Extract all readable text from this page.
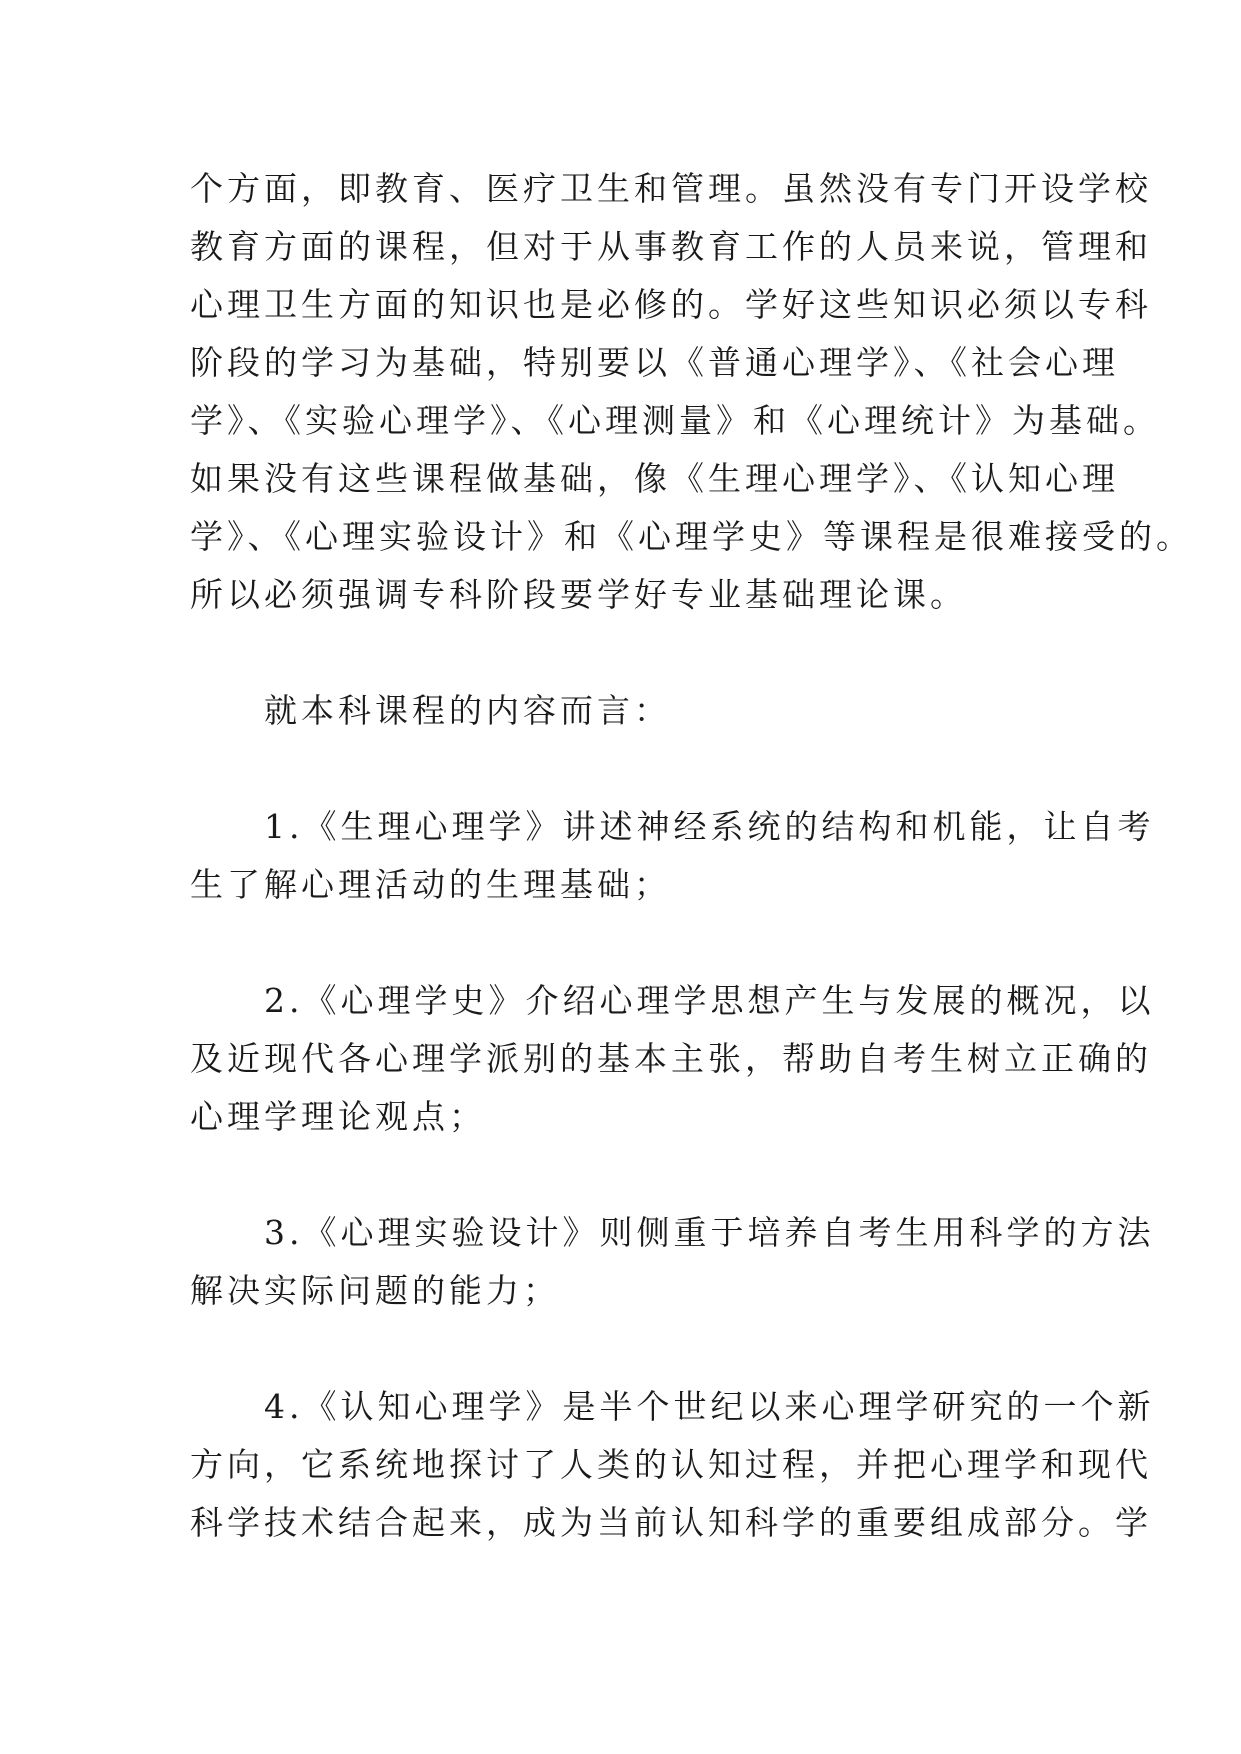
个方面，即教育、医疗卫生和管理。虽然没有专门开设学校
教育方面的课程，但对于从事教育工作的人员来说，管理和
心理卫生方面的知识也是必修的。学好这些知识必须以专科
阶段的学习为基础，特别要以《普通心理学》、《社会心理
学》、《实验心理学》、《心理测量》和《心理统计》为基础。
如果没有这些课程做基础，像《生理心理学》、《认知心理
学》、《心理实验设计》和《心理学史》等课程是很难接受的。
所以必须强调专科阶段要学好专业基础理论课。
　　就本科课程的内容而言：
　　1.《生理心理学》讲述神经系统的结构和机能，让自考
生了解心理活动的生理基础；
　　2.《心理学史》介绍心理学思想产生与发展的概况，以
及近现代各心理学派别的基本主张，帮助自考生树立正确的
心理学理论观点；
　　3.《心理实验设计》则侧重于培养自考生用科学的方法
解决实际问题的能力；
　　4.《认知心理学》是半个世纪以来心理学研究的一个新
方向，它系统地探讨了人类的认知过程，并把心理学和现代
科学技术结合起来，成为当前认知科学的重要组成部分。学
